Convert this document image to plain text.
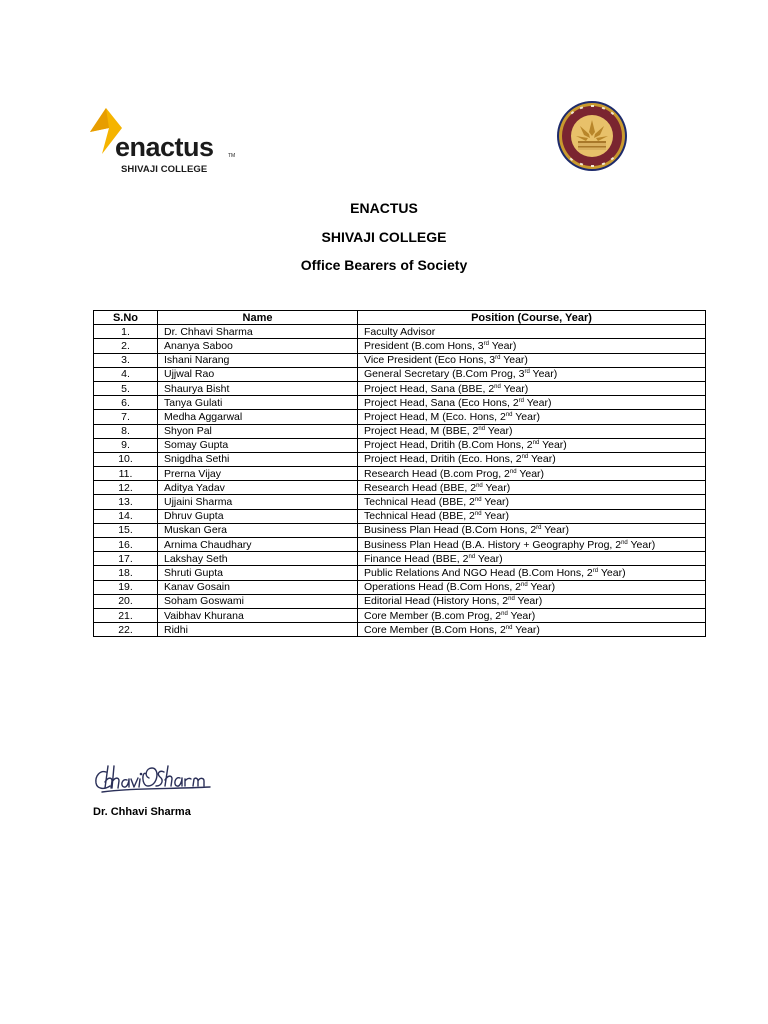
enactus	TM
SHIVAJI COLLEGE
ENACTUS
SHIVAJI COLLEGE
Office Bearers of Society
S.No	Name	Position (Course, Year)
1.	Dr. Chhavi Sharma	Faculty Advisor
2.	Ananya Saboo	President (B.com Hons, 3rd Year)
3.	Ishani Narang	Vice President (Eco Hons, 3rd Year)
4.	Ujjwal Rao	General Secretary (B.Com Prog, 3rd Year)
5.	Shaurya Bisht	Project Head, Sana (BBE, 2nd Year)
6.	Tanya Gulati	Project Head, Sana (Eco Hons, 2rd Year)
7.	Medha Aggarwal	Project Head, M (Eco. Hons, 2nd Year)
8.	Shyon Pal	Project Head, M (BBE, 2nd Year)
9.	Somay Gupta	Project Head, Dritih (B.Com Hons, 2nd Year)
10.	Snigdha Sethi	Project Head, Dritih (Eco. Hons, 2nd Year)
11.	Prerna Vijay	Research Head (B.com Prog, 2nd Year)
12.	Aditya Yadav	Research Head (BBE, 2nd Year)
13.	Ujjaini Sharma	Technical Head (BBE, 2nd Year)
14.	Dhruv Gupta	Technical Head (BBE, 2nd Year)
15.	Muskan Gera	Business Plan Head (B.Com Hons, 2rd Year)
16.	Arnima Chaudhary	Business Plan Head (B.A. History + Geography Prog, 2nd Year)
17.	Lakshay Seth	Finance Head (BBE, 2nd Year)
18.	Shruti Gupta	Public Relations And NGO Head (B.Com Hons, 2rd Year)
19.	Kanav Gosain	Operations Head (B.Com Hons, 2nd Year)
20.	Soham Goswami	Editorial Head (History Hons, 2nd Year)
21.	Vaibhav Khurana	Core Member (B.com Prog, 2nd Year)
22.	Ridhi	Core Member (B.Com Hons, 2nd Year)
Dr. Chhavi Sharma
